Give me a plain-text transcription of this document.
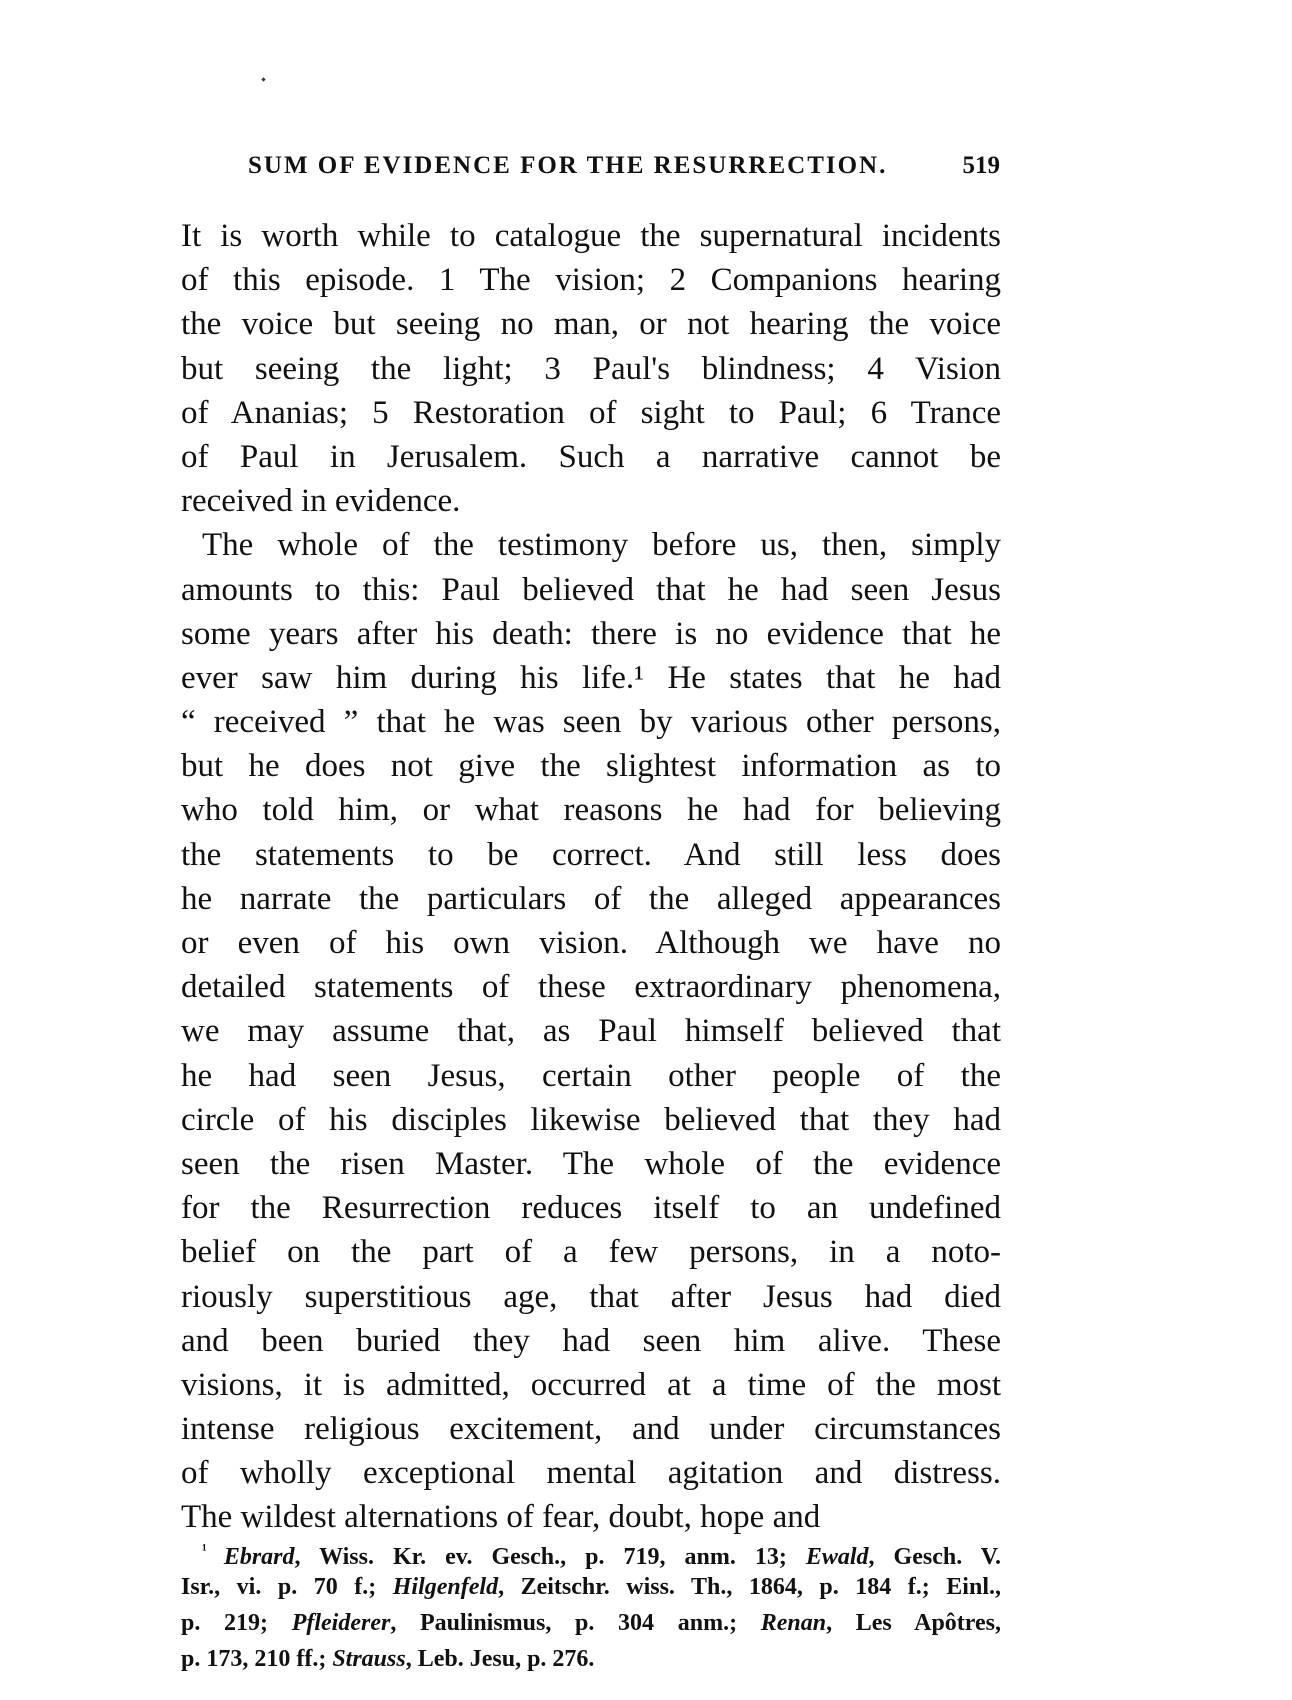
SUM OF EVIDENCE FOR THE RESURRECTION.	519
It is worth while to catalogue the supernatural incidents
of this episode. 1 The vision; 2 Companions hearing
the voice but seeing no man, or not hearing the voice
but seeing the light; 3 Paul's blindness; 4 Vision
of Ananias; 5 Restoration of sight to Paul; 6 Trance
of Paul in Jerusalem. Such a narrative cannot be
received in evidence.
The whole of the testimony before us, then, simply
amounts to this: Paul believed that he had seen Jesus
some years after his death: there is no evidence that he
ever saw him during his life.¹ He states that he had
“ received ” that he was seen by various other persons,
but he does not give the slightest information as to
who told him, or what reasons he had for believing
the statements to be correct. And still less does
he narrate the particulars of the alleged appearances
or even of his own vision. Although we have no
detailed statements of these extraordinary phenomena,
we may assume that, as Paul himself believed that
he had seen Jesus, certain other people of the
circle of his disciples likewise believed that they had
seen the risen Master. The whole of the evidence
for the Resurrection reduces itself to an undefined
belief on the part of a few persons, in a noto-
riously superstitious age, that after Jesus had died
and been buried they had seen him alive. These
visions, it is admitted, occurred at a time of the most
intense religious excitement, and under circumstances
of wholly exceptional mental agitation and distress.
The wildest alternations of fear, doubt, hope and
$^{^1}$ Ebrard, Wiss. Kr. ev. Gesch., p. 719, anm. 13; Ewald, Gesch. V.
Isr., vi. p. 70 f.; Hilgenfeld, Zeitschr. wiss. Th., 1864, p. 184 f.; Einl.,
p. 219; Pfleiderer, Paulinismus, p. 304 anm.; Renan, Les Apôtres,
p. 173, 210 ff.; Strauss, Leb. Jesu, p. 276.
